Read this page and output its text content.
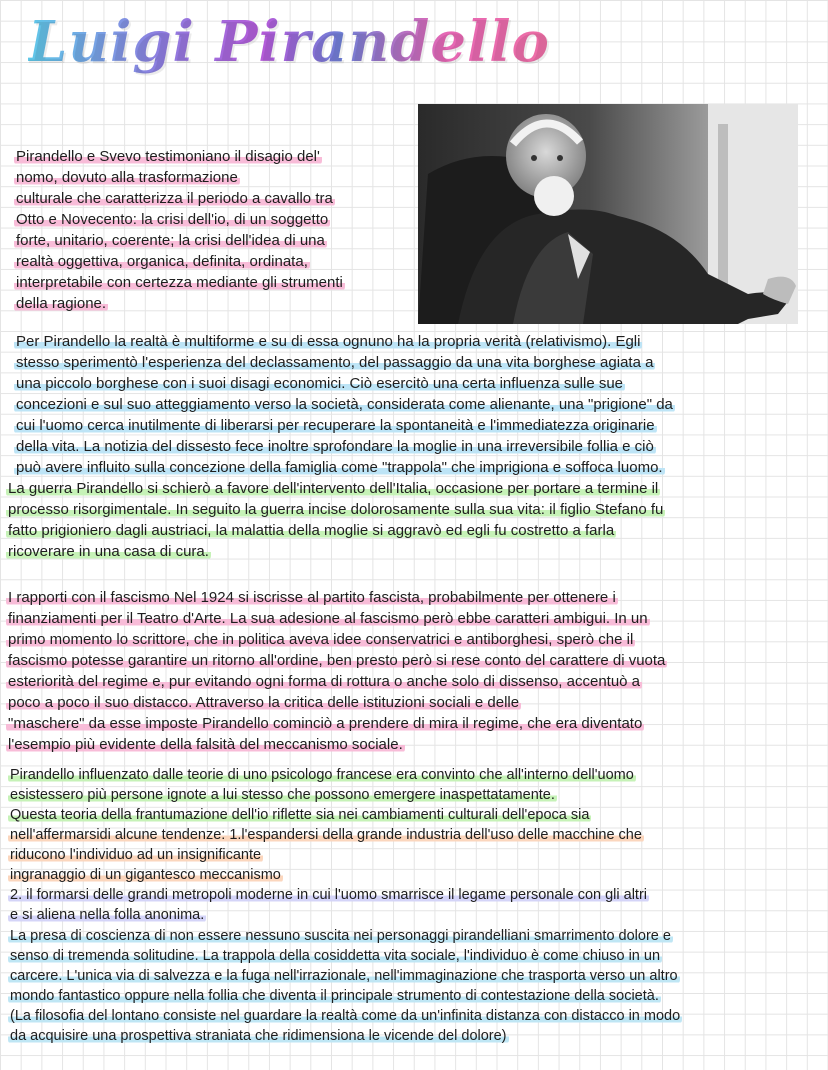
Luigi Pirandello
Pirandello e Svevo testimoniano il disagio del'
nomo, dovuto alla trasformazione
culturale che caratterizza il periodo a cavallo tra
Otto e Novecento: la crisi dell'io, di un soggetto
forte, unitario, coerente; la crisi dell'idea di una
realtà oggettiva, organica, definita, ordinata,
interpretabile con certezza mediante gli strumenti
della ragione.
Per Pirandello la realtà è multiforme e su di essa ognuno ha la propria verità (relativismo). Egli
stesso sperimentò l'esperienza del declassamento, del passaggio da una vita borghese agiata a
una piccolo borghese con i suoi disagi economici. Ciò esercitò una certa influenza sulle sue
concezioni e sul suo atteggiamento verso la società, considerata come alienante, una "prigione" da
cui l'uomo cerca inutilmente di liberarsi per recuperare la spontaneità e l'immediatezza originarie
della vita. La notizia del dissesto fece inoltre sprofondare la moglie in una irreversibile follia e ciò
può avere influito sulla concezione della famiglia come "trappola" che imprigiona e soffoca luomo.
La guerra Pirandello si schierò a favore dell'intervento dell'Italia, occasione per portare a termine il
processo risorgimentale. In seguito la guerra incise dolorosamente sulla sua vita: il figlio Stefano fu
fatto prigioniero dagli austriaci, la malattia della moglie si aggravò ed egli fu costretto a farla
ricoverare in una casa di cura.
I rapporti con il fascismo Nel 1924 si iscrisse al partito fascista, probabilmente per ottenere i
finanziamenti per il Teatro d'Arte. La sua adesione al fascismo però ebbe caratteri ambigui. In un
primo momento lo scrittore, che in politica aveva idee conservatrici e antiborghesi, sperò che il
fascismo potesse garantire un ritorno all'ordine, ben presto però si rese conto del carattere di vuota
esteriorità del regime e, pur evitando ogni forma di rottura o anche solo di dissenso, accentuò a
poco a poco il suo distacco. Attraverso la critica delle istituzioni sociali e delle
"maschere" da esse imposte Pirandello cominciò a prendere di mira il regime, che era diventato
l'esempio più evidente della falsità del meccanismo sociale.
Pirandello influenzato dalle teorie di uno psicologo francese era convinto che all'interno dell'uomo
esistessero più persone ignote a lui stesso che possono emergere inaspettatamente.
Questa teoria della frantumazione dell'io riflette sia nei cambiamenti culturali dell'epoca sia
nell'affermarsidi alcune tendenze: 1.l'espandersi della grande industria dell'uso delle macchine che
riducono l'individuo ad un insignificante
ingranaggio di un gigantesco meccanismo
2. il formarsi delle grandi metropoli moderne in cui l'uomo smarrisce il legame personale con gli altri
e si aliena nella folla anonima.
La presa di coscienza di non essere nessuno suscita nei personaggi pirandelliani smarrimento dolore e
senso di tremenda solitudine. La trappola della cosiddetta vita sociale, l'individuo è come chiuso in un
carcere. L'unica via di salvezza e la fuga nell'irrazionale, nell'immaginazione che trasporta verso un altro
mondo fantastico oppure nella follia che diventa il principale strumento di contestazione della società.
(La filosofia del lontano consiste nel guardare la realtà come da un'infinita distanza con distacco in modo
da acquisire una prospettiva straniata che ridimensiona le vicende del dolore)
